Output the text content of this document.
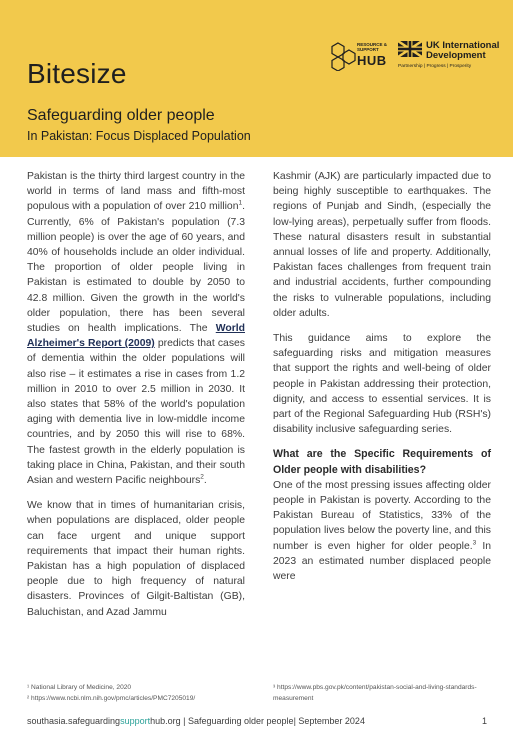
Bitesize
Safeguarding older people
In Pakistan: Focus Displaced Population
RESOURCE & SUPPORT
HUB
UK International
Development
Partnership | Progress | Prosperity

Pakistan is the thirty third largest country in the world in terms of land mass and fifth-most populous with a population of over 210 million$^1$. Currently, 6% of Pakistan's population (7.3 million people) is over the age of 60 years, and 40% of households include an older individual. The proportion of older people living in Pakistan is estimated to double by 2050 to 42.8 million. Given the growth in the world's older population, there has been several studies on health implications. The World Alzheimer's Report (2009) predicts that cases of dementia within the older populations will also rise – it estimates a rise in cases from 1.2 million in 2010 to over 2.5 million in 2030. It also states that 58% of the world's population aging with dementia live in low-middle income countries, and by 2050 this will rise to 68%. The fastest growth in the elderly population is taking place in China, Pakistan, and their south Asian and western Pacific neighbours$^2$.

We know that in times of humanitarian crisis, when populations are displaced, older people can face urgent and unique support requirements that impact their human rights. Pakistan has a high population of displaced people due to high frequency of natural disasters. Provinces of Gilgit-Baltistan (GB), Baluchistan, and Azad Jammu

Kashmir (AJK) are particularly impacted due to being highly susceptible to earthquakes. The regions of Punjab and Sindh, (especially the low-lying areas), perpetually suffer from floods. These natural disasters result in substantial annual losses of life and property. Additionally, Pakistan faces challenges from frequent train and industrial accidents, further compounding the risks to vulnerable populations, including older adults.

This guidance aims to explore the safeguarding risks and mitigation measures that support the rights and well-being of older people in Pakistan addressing their protection, dignity, and access to essential services. It is part of the Regional Safeguarding Hub (RSH's) disability inclusive safeguarding series.

What are the Specific Requirements of Older people with disabilities?

One of the most pressing issues affecting older people in Pakistan is poverty. According to the Pakistan Bureau of Statistics, 33% of the population lives below the poverty line, and this number is even higher for older people.$^3$ In 2023 an estimated number displaced people were

¹ National Library of Medicine, 2020
² https://www.ncbi.nlm.nih.gov/pmc/articles/PMC7205019/
³ https://www.pbs.gov.pk/content/pakistan-social-and-living-standards-measurement
southasia.safeguardingsupporthub.org | Safeguarding older people| September 2024	1
